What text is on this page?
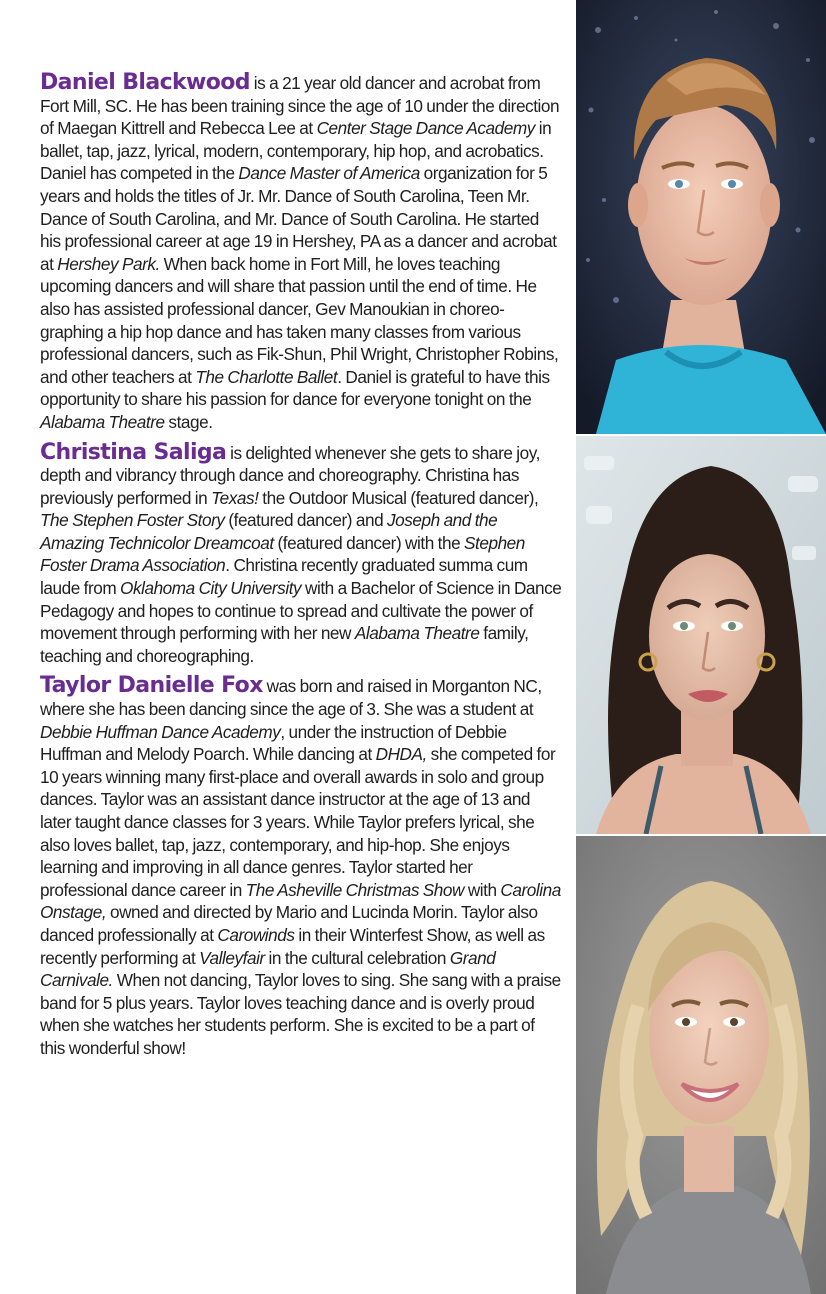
Daniel Blackwood is a 21 year old dancer and acrobat from Fort Mill, SC. He has been training since the age of 10 under the direction of Maegan Kittrell and Rebecca Lee at Center Stage Dance Academy in ballet, tap, jazz, lyrical, modern, contemporary, hip hop, and acrobatics. Daniel has competed in the Dance Master of America organization for 5 years and holds the titles of Jr. Mr. Dance of South Carolina, Teen Mr. Dance of South Carolina, and Mr. Dance of South Carolina. He started his professional career at age 19 in Hershey, PA as a dancer and acrobat at Hershey Park. When back home in Fort Mill, he loves teaching upcoming dancers and will share that passion until the end of time. He also has assisted professional dancer, Gev Manoukian in choreo-graphing a hip hop dance and has taken many classes from various professional dancers, such as Fik-Shun, Phil Wright, Christopher Robins, and other teachers at The Charlotte Ballet. Daniel is grateful to have this opportunity to share his passion for dance for everyone tonight on the Alabama Theatre stage.

Christina Saliga is delighted whenever she gets to share joy, depth and vibrancy through dance and choreography. Christina has previously performed in Texas! the Outdoor Musical (featured dancer), The Stephen Foster Story (featured dancer) and Joseph and the Amazing Technicolor Dreamcoat (featured dancer) with the Stephen Foster Drama Association. Christina recently graduated summa cum laude from Oklahoma City University with a Bachelor of Science in Dance Pedagogy and hopes to continue to spread and cultivate the power of movement through performing with her new Alabama Theatre family, teaching and choreographing.

Taylor Danielle Fox was born and raised in Morganton NC, where she has been dancing since the age of 3. She was a student at Debbie Huffman Dance Academy, under the instruction of Debbie Huffman and Melody Poarch. While dancing at DHDA, she competed for 10 years winning many first-place and overall awards in solo and group dances. Taylor was an assistant dance instructor at the age of 13 and later taught dance classes for 3 years. While Taylor prefers lyrical, she also loves ballet, tap, jazz, contemporary, and hip-hop. She enjoys learning and improving in all dance genres. Taylor started her professional dance career in The Asheville Christmas Show with Carolina Onstage, owned and directed by Mario and Lucinda Morin. Taylor also danced professionally at Carowinds in their Winterfest Show, as well as recently performing at Valleyfair in the cultural celebration Grand Carnivale. When not dancing, Taylor loves to sing. She sang with a praise band for 5 plus years. Taylor loves teaching dance and is overly proud when she watches her students perform. She is excited to be a part of this wonderful show!
